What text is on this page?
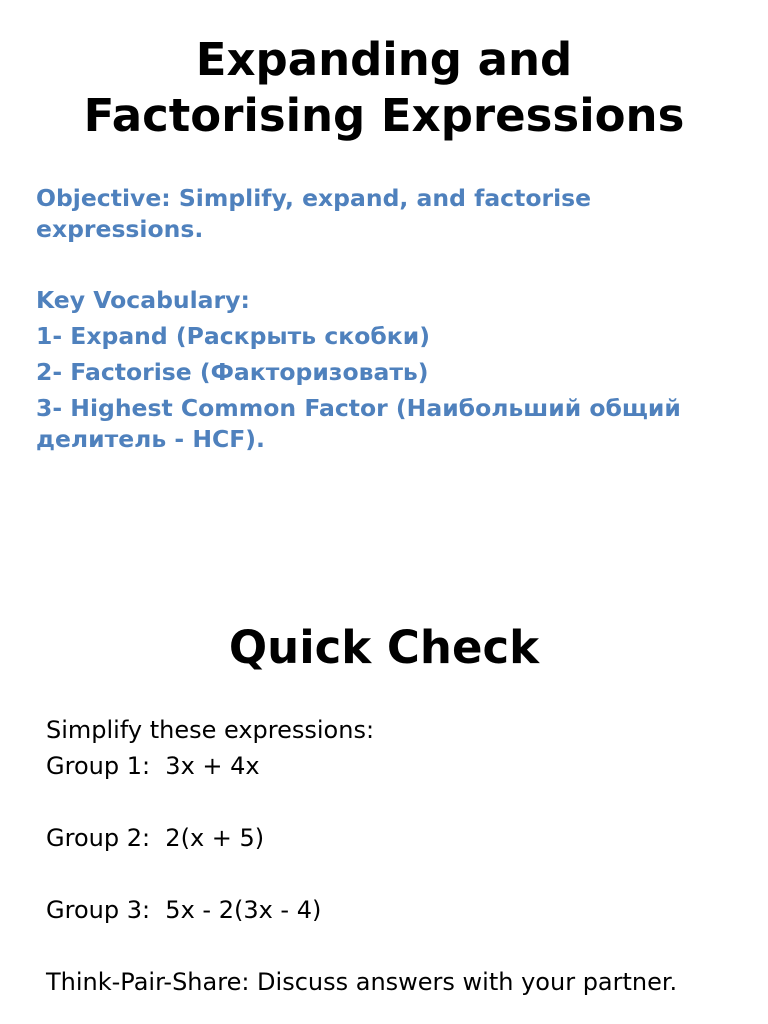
Expanding and
Factorising Expressions

Objective: Simplify, expand, and factorise expressions.

Key Vocabulary:
1- Expand (Раскрыть скобки)
2- Factorise (Факторизовать)
3- Highest Common Factor (Наибольший общий делитель - HCF).
Quick Check
Simplify these expressions:
Group 1:  3x + 4x
Group 2:  2(x + 5)
Group 3:  5x - 2(3x - 4)
Think-Pair-Share: Discuss answers with your partner.
